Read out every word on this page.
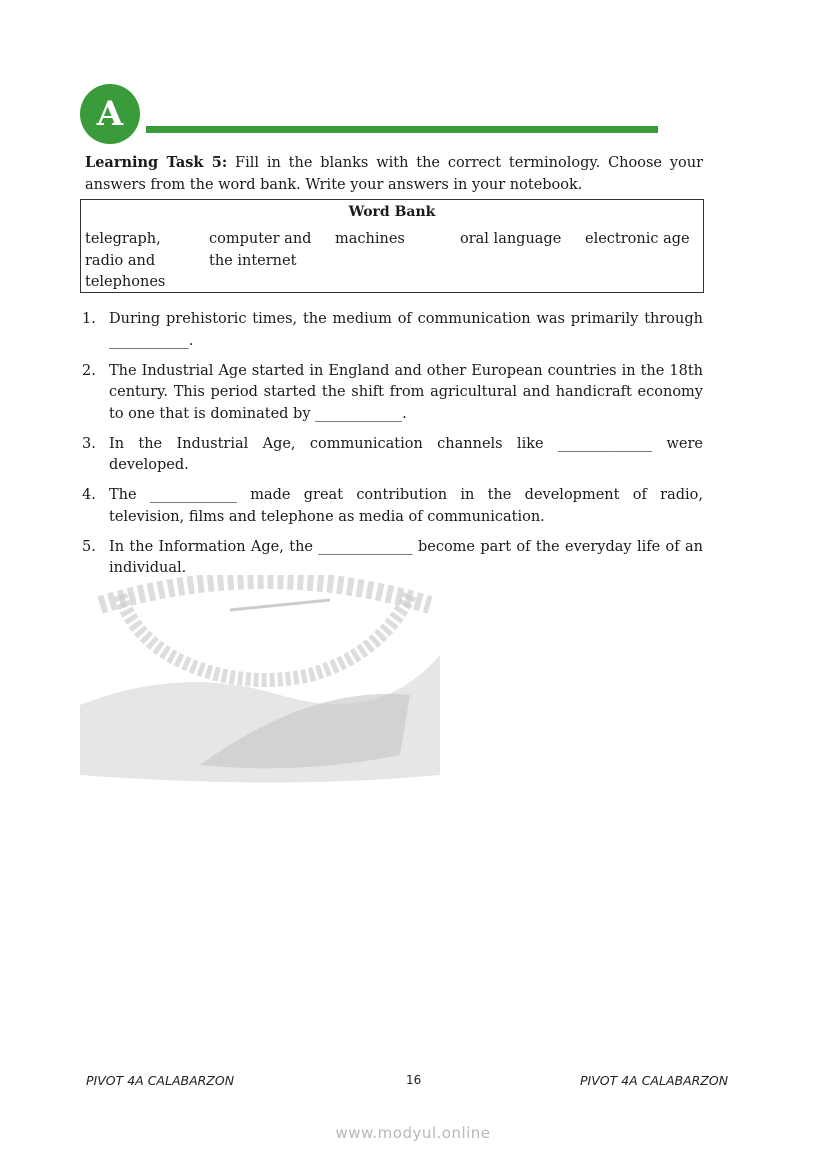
A

Learning Task 5: Fill in the blanks with the correct terminology. Choose your answers from the word bank. Write your answers in your notebook.

Word Bank
telegraph,
radio and
telephones
computer and
the internet
machines	oral language electronic age
1. During prehistoric times, the medium of communication was primarily through ___________.
2. The Industrial Age started in England and other European countries in the 18th century. This period started the shift from agricultural and handicraft economy to one that is dominated by ____________.
3. In the Industrial Age, communication channels like _____________ were developed.
4. The ____________ made great contribution in the development of radio, television, films and telephone as media of communication.
5. In the Information Age, the _____________ become part of the everyday life of an individual.
PIVOT 4A CALABARZON	16	PIVOT 4A CALABARZON
www.modyul.online
